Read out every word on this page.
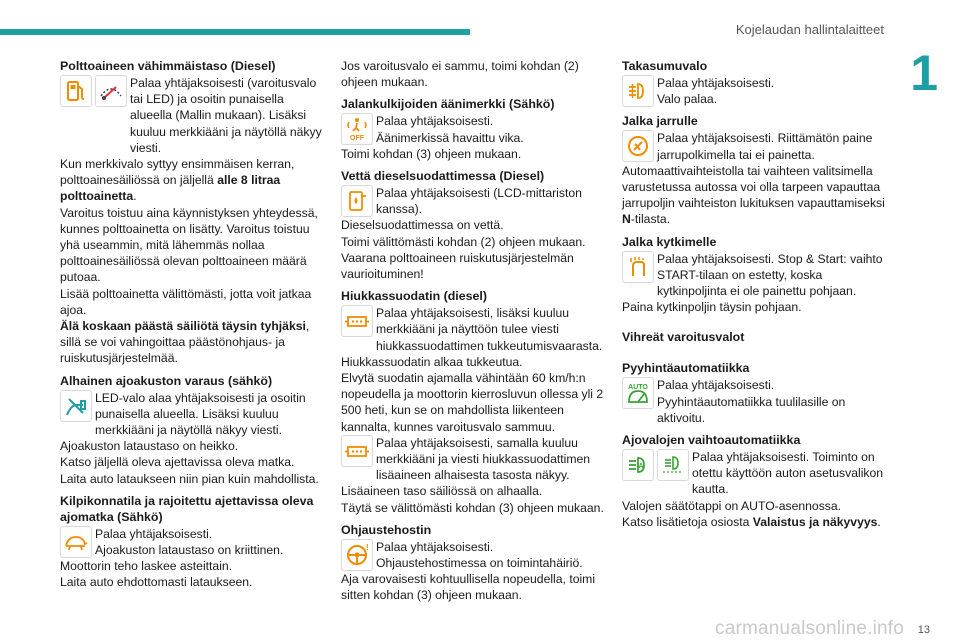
Kojelaudan hallintalaitteet
1
Polttoaineen vähimmäistaso (Diesel)

Palaa yhtäjaksoisesti (varoitusvalo tai LED) ja osoitin punaisella alueella (Mallin mukaan). Lisäksi kuuluu merkkiääni ja näytöllä näkyy viesti.

Kun merkkivalo syttyy ensimmäisen kerran, polttoainesäiliössä on jäljellä alle 8 litraa polttoainetta.

Varoitus toistuu aina käynnistyksen yhteydessä, kunnes polttoainetta on lisätty. Varoitus toistuu yhä useammin, mitä lähemmäs nollaa polttoainesäiliössä olevan polttoaineen määrä putoaa.

Lisää polttoainetta välittömästi, jotta voit jatkaa ajoa.

Älä koskaan päästä säiliötä täysin tyhjäksi, sillä se voi vahingoittaa päästönohjaus- ja ruiskutusjärjestelmää.

Alhainen ajoakuston varaus (sähkö)

LED-valo alaa yhtäjaksoisesti ja osoitin punaisella alueella. Lisäksi kuuluu merkkiääni ja näytöllä näkyy viesti.

Ajoakuston lataustaso on heikko.

Katso jäljellä oleva ajettavissa oleva matka.

Laita auto lataukseen niin pian kuin mahdollista.

Kilpikonnatila ja rajoitettu ajettavissa oleva ajomatka (Sähkö)

Palaa yhtäjaksoisesti.
Ajoakuston lataustaso on kriittinen.

Moottorin teho laskee asteittain.

Laita auto ehdottomasti lataukseen.

Jos varoitusvalo ei sammu, toimi kohdan (2) ohjeen mukaan.

Jalankulkijoiden äänimerkki (Sähkö)
OFF

Palaa yhtäjaksoisesti.
Äänimerkissä havaittu vika.

Toimi kohdan (3) ohjeen mukaan.

Vettä dieselsuodattimessa (Diesel)

Palaa yhtäjaksoisesti (LCD-mittariston kanssa).

Dieselsuodattimessa on vettä.

Toimi välittömästi kohdan (2) ohjeen mukaan.

Vaarana polttoaineen ruiskutusjärjestelmän vaurioituminen!

Hiukkassuodatin (diesel)

Palaa yhtäjaksoisesti, lisäksi kuuluu merkkiääni ja näyttöön tulee viesti hiukkassuodattimen tukkeutumisvaarasta.

Hiukkassuodatin alkaa tukkeutua.

Elvytä suodatin ajamalla vähintään 60 km/h:n nopeudella ja moottorin kierrosluvun ollessa yli 2 500 heti, kun se on mahdollista liikenteen kannalta, kunnes varoitusvalo sammuu.

Palaa yhtäjaksoisesti, samalla kuuluu merkkiääni ja viesti hiukkassuodattimen lisäaineen alhaisesta tasosta näkyy.

Lisäaineen taso säiliössä on alhaalla.

Täytä se välittömästi kohdan (3) ohjeen mukaan.

Ohjaustehostin
! Palaa yhtäjaksoisesti.
Ohjaustehostimessa on toimintahäiriö.

Aja varovaisesti kohtuullisella nopeudella, toimi sitten kohdan (3) ohjeen mukaan.

Takasumuvalo

Palaa yhtäjaksoisesti.
Valo palaa.

Jalka jarrulle

Palaa yhtäjaksoisesti. Riittämätön paine jarrupolkimella tai ei painetta.

Automaattivaihteistolla tai vaihteen valitsimella varustetussa autossa voi olla tarpeen vapauttaa jarrupoljin vaihteiston lukituksen vapauttamiseksi N-tilasta.

Jalka kytkimelle

Palaa yhtäjaksoisesti. Stop & Start: vaihto START-tilaan on estetty, koska kytkinpoljinta ei ole painettu pohjaan.

Paina kytkinpoljin täysin pohjaan.

Vihreät varoitusvalot
Pyyhintäautomatiikka
AUTO Palaa yhtäjaksoisesti. Pyyhintäautomatiikka tuulilasille on aktivoitu.

Ajovalojen vaihtoautomatiikka
A

Palaa yhtäjaksoisesti. Toiminto on otettu käyttöön auton asetusvalikon kautta.

Valojen säätötappi on AUTO-asennossa.

Katso lisätietoja osiosta Valaistus ja näkyvyys.

carmanualsonline.info 13
